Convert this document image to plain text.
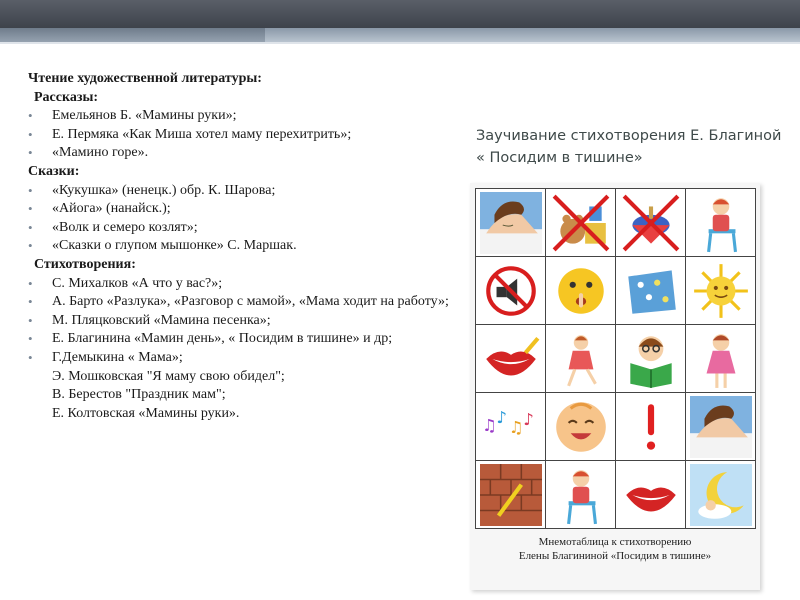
Чтение художественной литературы:
Рассказы:
• Емельянов Б. «Мамины руки»;
• Е. Пермяка «Как Миша хотел маму перехитрить»;
• «Мамино горе».
Сказки:
• «Кукушка» (ненецк.) обр. К. Шарова;
• «Айога» (нанайск.);
• «Волк и семеро козлят»;
• «Сказки о глупом мышонке» С. Маршак.
Стихотворения:
• С. Михалков «А что у вас?»;
• А. Барто «Разлука», «Разговор с мамой», «Мама ходит на работу»;
• М. Пляцковский «Мамина песенка»;
• Е. Благинина «Мамин день», « Посидим в тишине» и др;
• Г.Демыкина « Мама»;
Э. Мошковская "Я маму свою обидел";
В. Берестов "Праздник мам";
Е. Колтовская «Мамины руки».
Заучивание стихотворения Е. Благиной « Посидим в тишине»
♫ ♪
♫ ♪
Мнемотаблица к стихотворению
Елены Благининой «Посидим в тишине»
